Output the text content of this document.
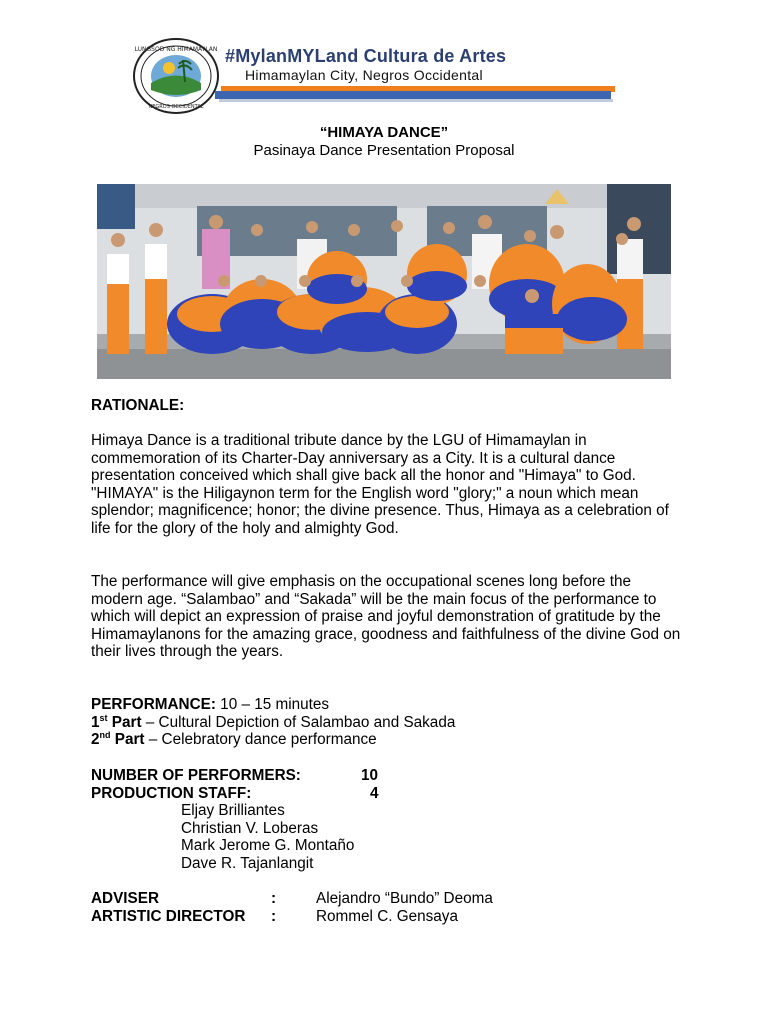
LUNGSOD NG HIMAMAYLAN
NEGROS OCCIDENTAL
#MylanMYLand Cultura de Artes
Himamaylan City, Negros Occidental
“HIMAYA DANCE”
Pasinaya Dance Presentation Proposal
RATIONALE:
Himaya Dance is a traditional tribute dance by the LGU of Himamaylan in commemoration of its Charter-Day anniversary as a City. It is a cultural dance presentation conceived which shall give back all the honor and "Himaya" to God. "HIMAYA" is the Hiligaynon term for the English word "glory;" a noun which mean splendor; magnificence; honor; the divine presence. Thus, Himaya as a celebration of life for the glory of the holy and almighty God.
The performance will give emphasis on the occupational scenes long before the modern age. “Salambao” and “Sakada” will be the main focus of the performance to which will depict an expression of praise and joyful demonstration of gratitude by the Himamaylanons for the amazing grace, goodness and faithfulness of the divine God on their lives through the years.
PERFORMANCE: 10 – 15 minutes
1st Part – Cultural Depiction of Salambao and Sakada
2nd Part – Celebratory dance performance
NUMBER OF PERFORMERS:	10
PRODUCTION STAFF:	4
Eljay Brilliantes
Christian V. Loberas
Mark Jerome G. Montaño
Dave R. Tajanlangit
ADVISER	:	Alejandro “Bundo” Deoma
ARTISTIC DIRECTOR :	Rommel C. Gensaya
